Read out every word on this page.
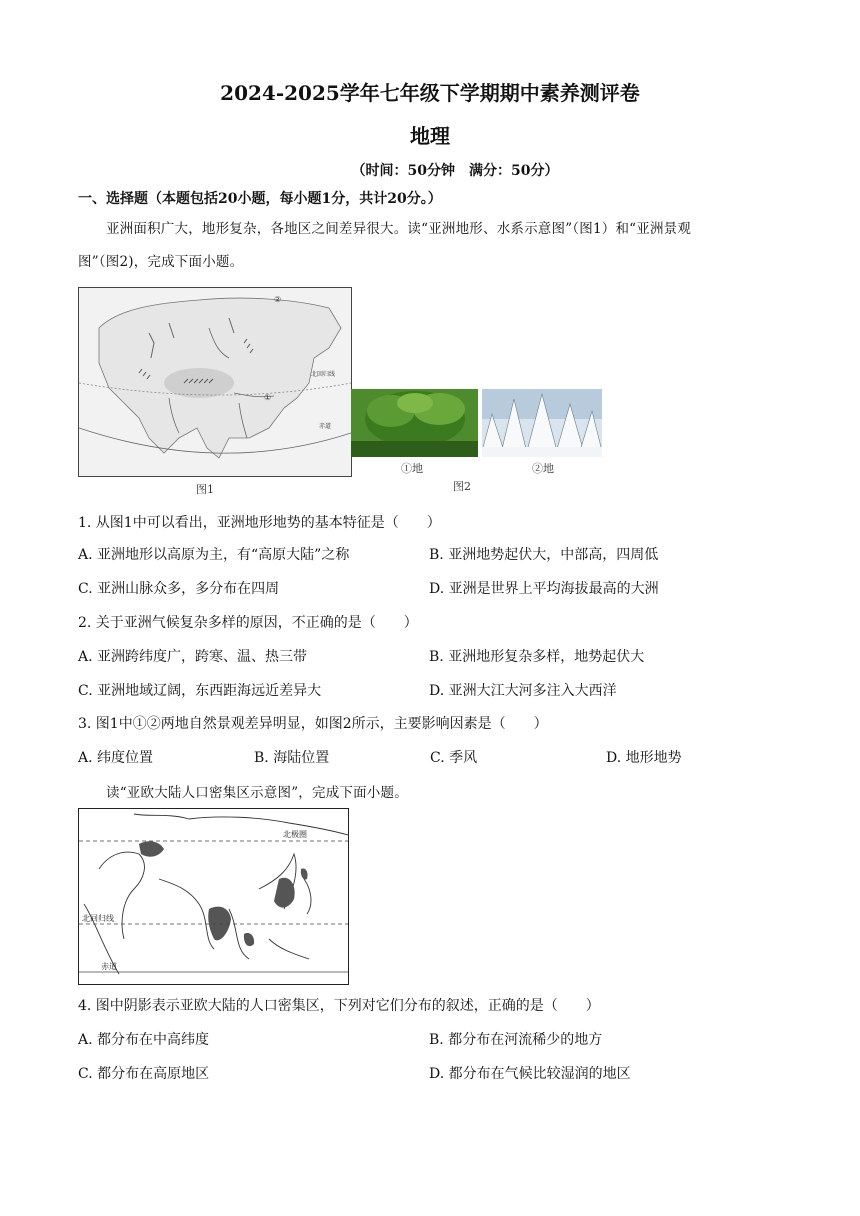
2024-2025学年七年级下学期期中素养测评卷
地理
（时间：50分钟　满分：50分）
一、选择题（本题包括20小题，每小题1分，共计20分。）
亚洲面积广大，地形复杂，各地区之间差异很大。读“亚洲地形、水系示意图”（图1）和“亚洲景观
图”（图2)，完成下面小题。
②
①
北回归线
赤道
图1
①地	②地
图2
1. 从图1中可以看出，亚洲地形地势的基本特征是（　　）
A. 亚洲地形以高原为主，有“高原大陆”之称	B. 亚洲地势起伏大，中部高，四周低
C. 亚洲山脉众多，多分布在四周	D. 亚洲是世界上平均海拔最高的大洲
2. 关于亚洲气候复杂多样的原因，不正确的是（　　）
A. 亚洲跨纬度广，跨寒、温、热三带	B. 亚洲地形复杂多样，地势起伏大
C. 亚洲地域辽阔，东西距海远近差异大	D. 亚洲大江大河多注入大西洋
3. 图1中①②两地自然景观差异明显，如图2所示，主要影响因素是（　　）
A. 纬度位置	B. 海陆位置	C. 季风	D. 地形地势
读“亚欧大陆人口密集区示意图”，完成下面小题。
北极圈
北回归线
赤道
4. 图中阴影表示亚欧大陆的人口密集区，下列对它们分布的叙述，正确的是（　　）
A. 都分布在中高纬度	B. 都分布在河流稀少的地方
C. 都分布在高原地区	D. 都分布在气候比较湿润的地区
